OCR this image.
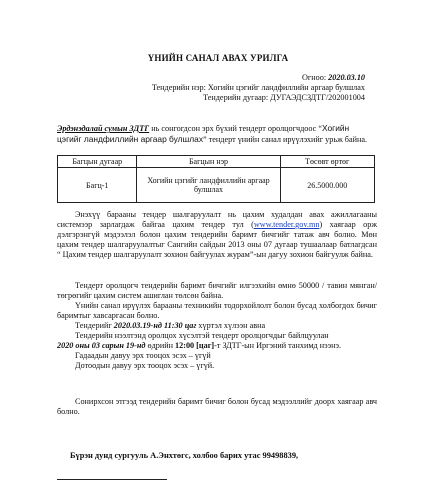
ҮНИЙН САНАЛ АВАХ УРИЛГА
Огноо: 2020.03.10
Тендерийн нэр: Хогийн цэгийг ландфиллийн аргаар булшлах
Тендерийн дугаар: ДУГАЭДСЗДТГ/202001004
Эрдэнэдалай сумын ЗДТГ нь сонгогдсон эрх бүхий тендерт оролцогчдоос “Хогийн цэгийг ландфиллийн аргаар булшлах” тендерт үнийн санал ирүүлэхийг урьж байна.
Багцын дугаар	Багцын нэр	Төсөвт өртөг
Багц-1	Хогийн цэгийг ландфиллийн аргаар булшлах	26.5000.000
Энэхүү барааны тендер шалгаруулалт нь цахим худалдан авах ажиллагааны системээр зарлагдаж байгаа цахим тендер тул (www.tender.gov.mn) хаягаар орж дэлгэрэнгүй мэдээлэл болон цахим тендерийн баримт бичгийг татаж авч болно. Мөн цахим тендер шалгаруулалтыг Сангийн сайдын 2013 оны 07 дугаар тушаалаар батлагдсан “ Цахим тендер шалгаруулалт зохион байгуулах журам”-ын дагуу зохион байгуулж байна.
Тендерт оролцогч тендерийн баримт бичгийг илгээхийн өмнө 50000 / тавин мянган/ төгрөгийг цахим систем ашиглан төлсөн байна.
Үнийн санал ирүүлэх барааны техникийн тодорхойлолт болон бусад холбогдох бичиг баримтыг хавсаргасан болно.
Тендерийг 2020.03.19-нд 11:30 цаг хүртэл хүлээн авна
Тендерийн нээлтэнд оролцох хүсэлтэй тендерт оролцогчдыг байлцуулан
2020 оны 03 сарын 19-нд өдрийн 12:00 [цаг]-т ЗДТГ-ын Иргэний танхимд нээнэ.
Гадаадын давуу эрх тооцох эсэх – үгүй
Дотоодын давуу эрх тооцох эсэх – үгүй.
Сонирхсон этгээд тендерийн баримт бичиг болон бусад мэдээллийг доорх хаягаар авч болно.
Бүрэн дунд сургууль А.Энхтөгс, холбоо барих утас 99498839,
